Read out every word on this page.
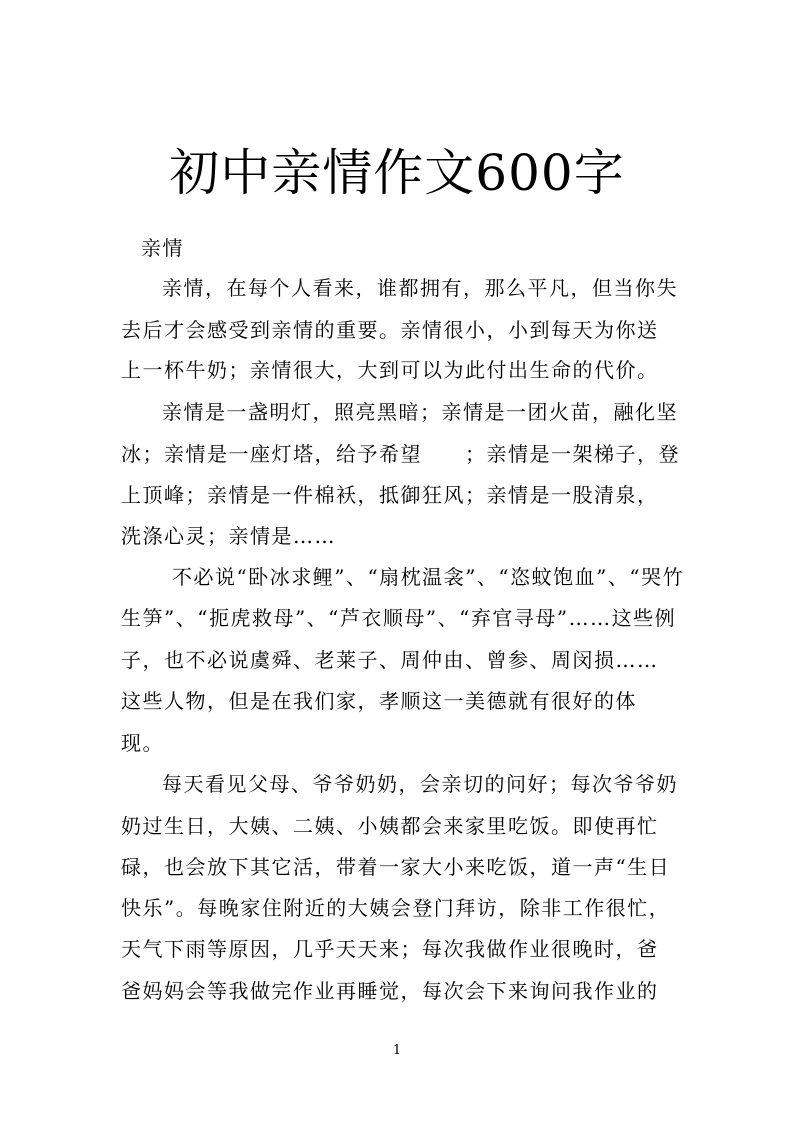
初中亲情作文600字
亲情
亲情，在每个人看来，谁都拥有，那么平凡，但当你失
去后才会感受到亲情的重要。亲情很小，小到每天为你送
上一杯牛奶；亲情很大，大到可以为此付出生命的代价。
亲情是一盏明灯，照亮黑暗；亲情是一团火苗，融化坚
冰；亲情是一座灯塔，给予希望　　；亲情是一架梯子，登
上顶峰；亲情是一件棉袄，抵御狂风；亲情是一股清泉，
洗涤心灵；亲情是……
不必说“卧冰求鲤”、“扇枕温衾”、“恣蚊饱血”、“哭竹
生笋”、“扼虎救母”、“芦衣顺母”、“弃官寻母”……这些例
子，也不必说虞舜、老莱子、周仲由、曾参、周闵损……
这些人物，但是在我们家，孝顺这一美德就有很好的体
现。
每天看见父母、爷爷奶奶，会亲切的问好；每次爷爷奶
奶过生日，大姨、二姨、小姨都会来家里吃饭。即使再忙
碌，也会放下其它活，带着一家大小来吃饭，道一声“生日
快乐”。每晚家住附近的大姨会登门拜访，除非工作很忙，
天气下雨等原因，几乎天天来；每次我做作业很晚时，爸
爸妈妈会等我做完作业再睡觉，每次会下来询问我作业的
1
